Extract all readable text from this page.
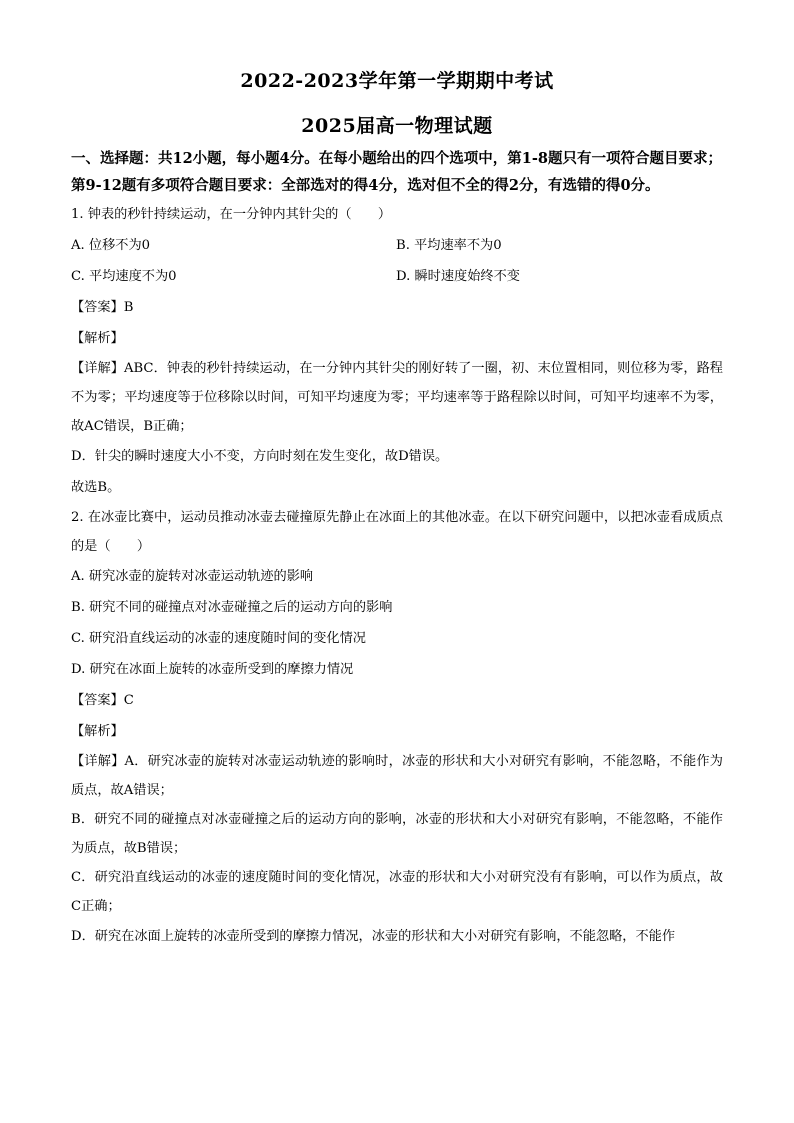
2022-2023学年第一学期期中考试

2025届高一物理试题

一、选择题：共12小题，每小题4分。在每小题给出的四个选项中，第1-8题只有一项符合题目要求；第9-12题有多项符合题目要求：全部选对的得4分，选对但不全的得2分，有选错的得0分。

1. 钟表的秒针持续运动，在一分钟内其针尖的（　　）

A. 位移不为0	B. 平均速率不为0
C. 平均速度不为0	D. 瞬时速度始终不变

【答案】B

【解析】

【详解】ABC．钟表的秒针持续运动，在一分钟内其针尖的刚好转了一圈，初、末位置相同，则位移为零，路程不为零；平均速度等于位移除以时间，可知平均速度为零；平均速率等于路程除以时间，可知平均速率不为零，故AC错误，B正确；

D．针尖的瞬时速度大小不变，方向时刻在发生变化，故D错误。

故选B。

2. 在冰壶比赛中，运动员推动冰壶去碰撞原先静止在冰面上的其他冰壶。在以下研究问题中，以把冰壶看成质点的是（　　）

A. 研究冰壶的旋转对冰壶运动轨迹的影响

B. 研究不同的碰撞点对冰壶碰撞之后的运动方向的影响

C. 研究沿直线运动的冰壶的速度随时间的变化情况

D. 研究在冰面上旋转的冰壶所受到的摩擦力情况

【答案】C

【解析】

【详解】A．研究冰壶的旋转对冰壶运动轨迹的影响时，冰壶的形状和大小对研究有影响，不能忽略，不能作为质点，故A错误；

B．研究不同的碰撞点对冰壶碰撞之后的运动方向的影响，冰壶的形状和大小对研究有影响，不能忽略，不能作为质点，故B错误；

C．研究沿直线运动的冰壶的速度随时间的变化情况，冰壶的形状和大小对研究没有有影响，可以作为质点，故C正确；

D．研究在冰面上旋转的冰壶所受到的摩擦力情况，冰壶的形状和大小对研究有影响，不能忽略，不能作
